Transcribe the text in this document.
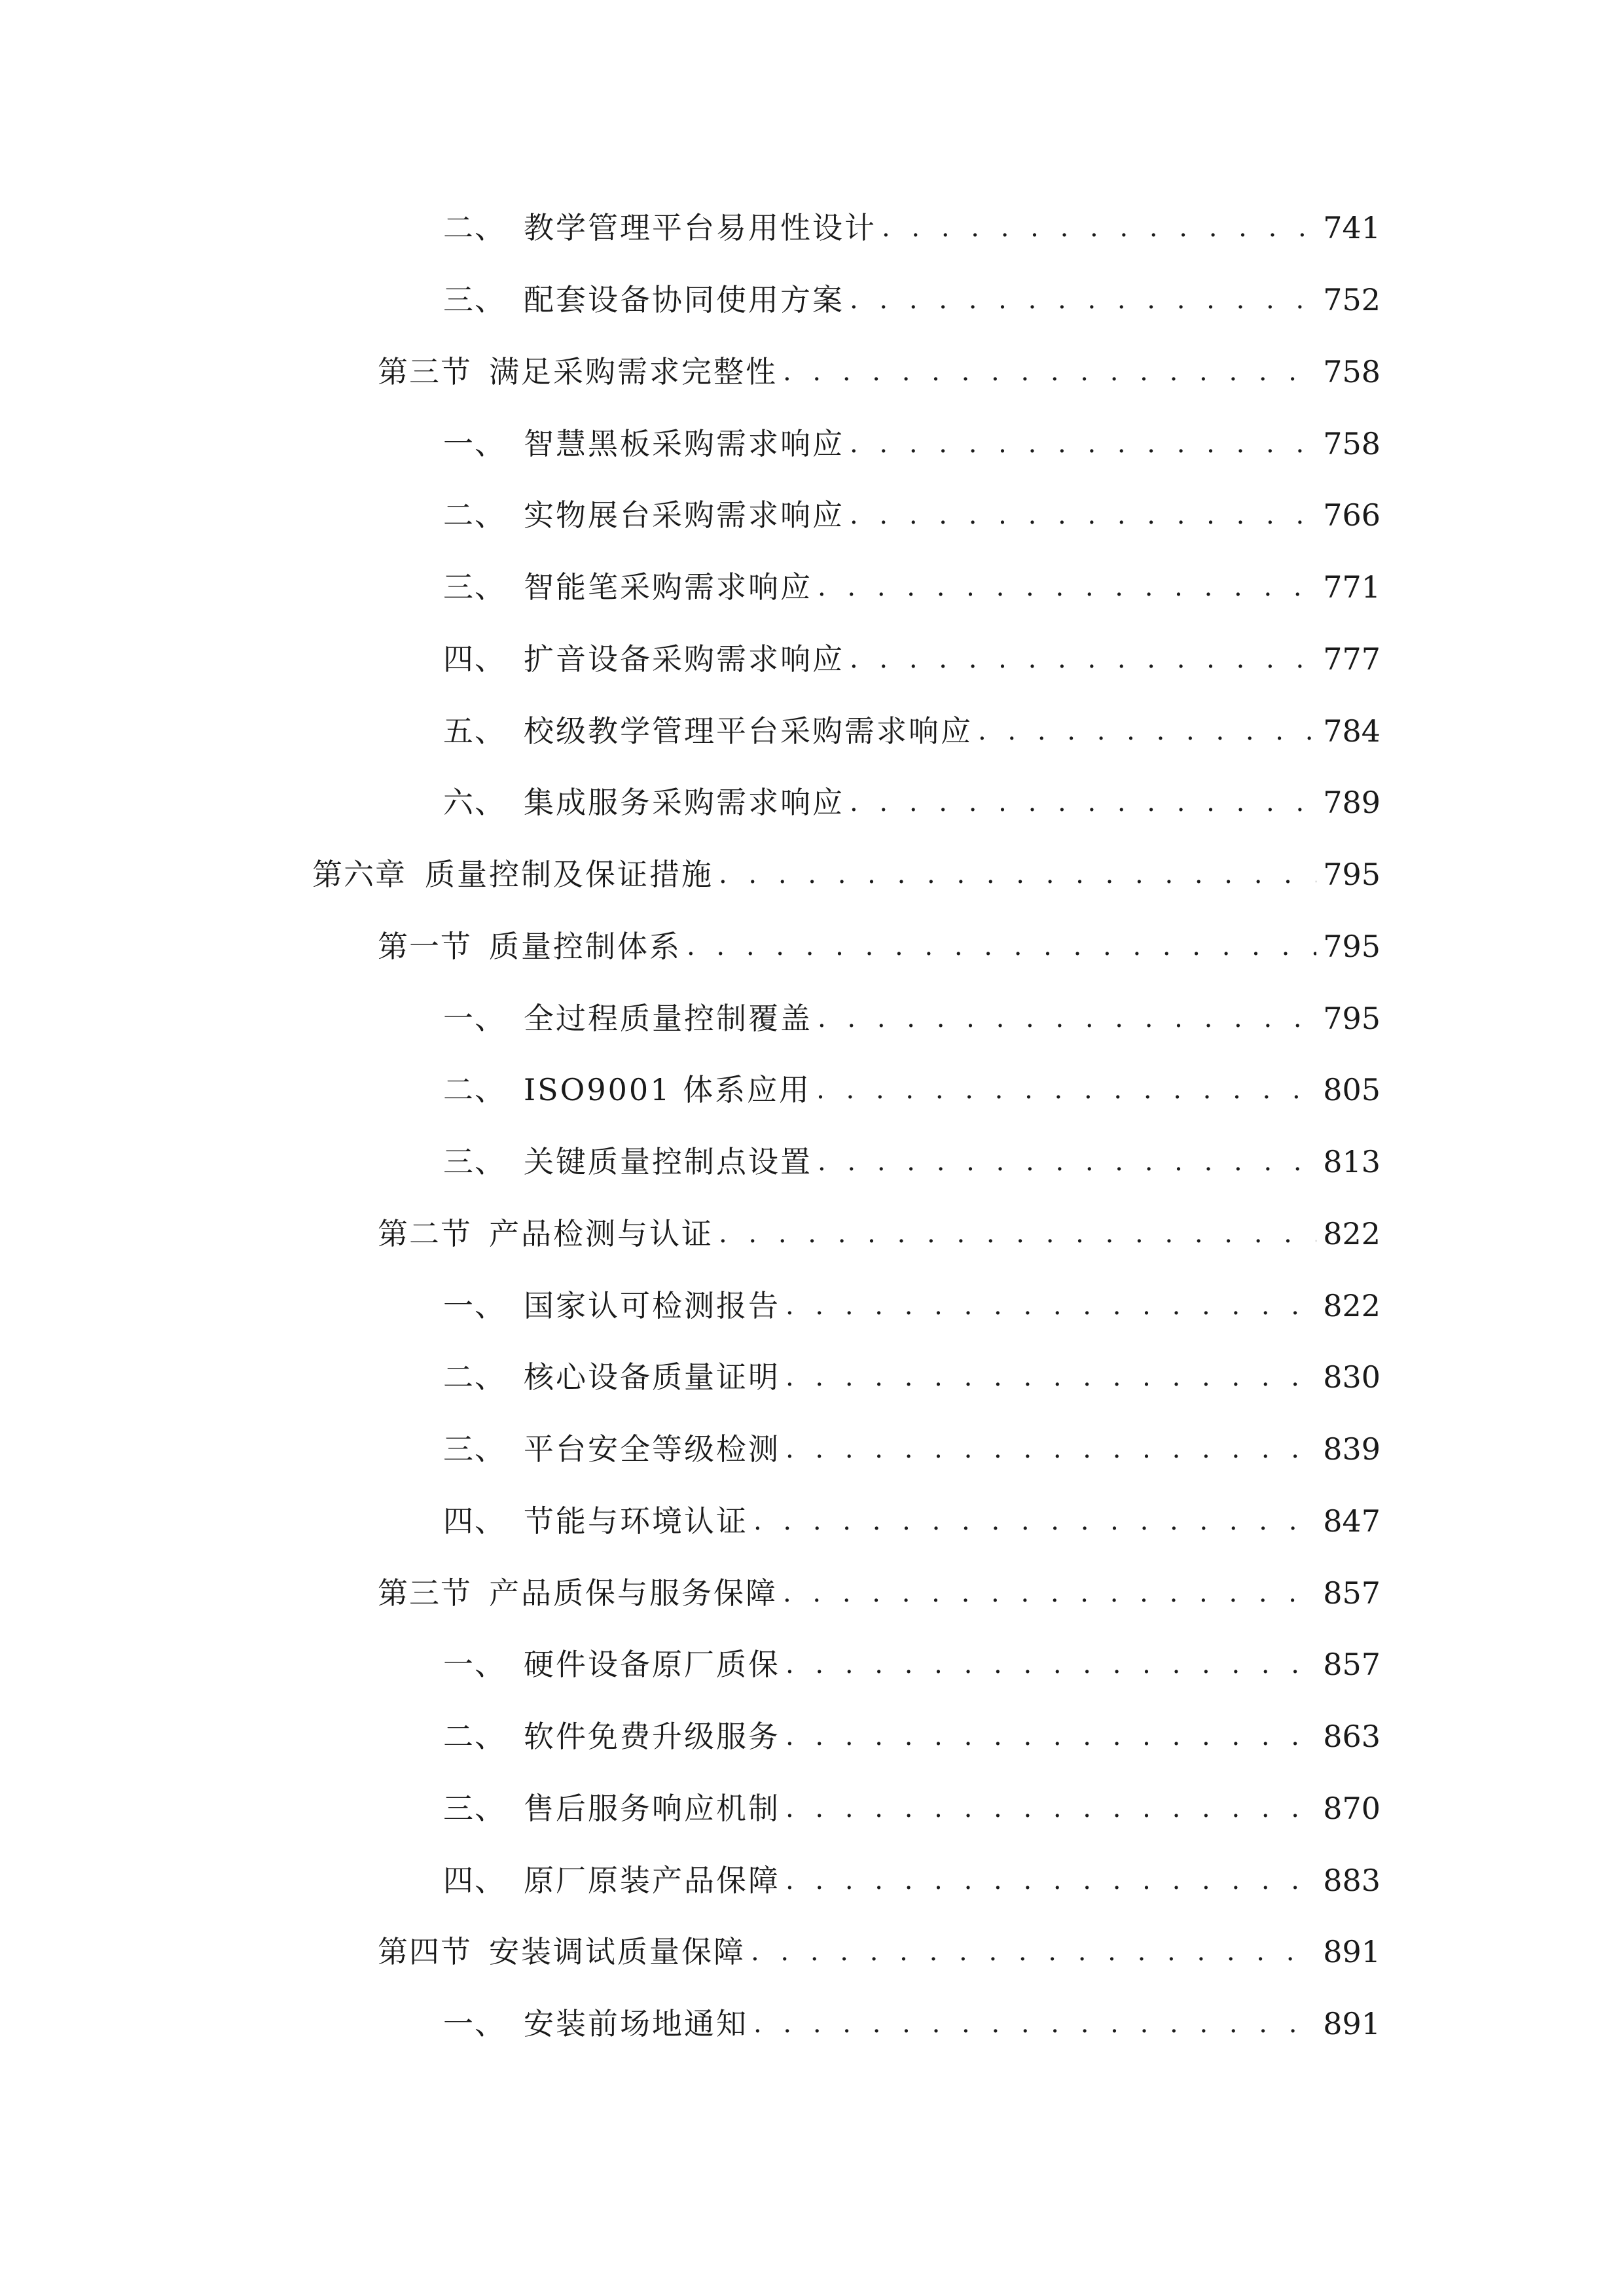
二、 教学管理平台易用性设计 . . .	741
三、 配套设备协同使用方案 . . .	752
第三节 满足采购需求完整性 . . .	758
一、 智慧黑板采购需求响应 . . .	758
二、 实物展台采购需求响应 . . .	766
三、 智能笔采购需求响应 . . .	771
四、 扩音设备采购需求响应 . . .	777
五、 校级教学管理平台采购需求响应 . . .	784
六、 集成服务采购需求响应 . . .	789
第六章 质量控制及保证措施 . . .	795
第一节 质量控制体系 . . .	795
一、 全过程质量控制覆盖 . . .	795
二、 ISO9001 体系应用 . . .	805
三、 关键质量控制点设置 . . .	813
第二节 产品检测与认证 . . .	822
一、 国家认可检测报告 . . .	822
二、 核心设备质量证明 . . .	830
三、 平台安全等级检测 . . .	839
四、 节能与环境认证 . . .	847
第三节 产品质保与服务保障 . . .	857
一、 硬件设备原厂质保 . . .	857
二、 软件免费升级服务 . . .	863
三、 售后服务响应机制 . . .	870
四、 原厂原装产品保障 . . .	883
第四节 安装调试质量保障 . . .	891
一、 安装前场地通知 . . .	891
